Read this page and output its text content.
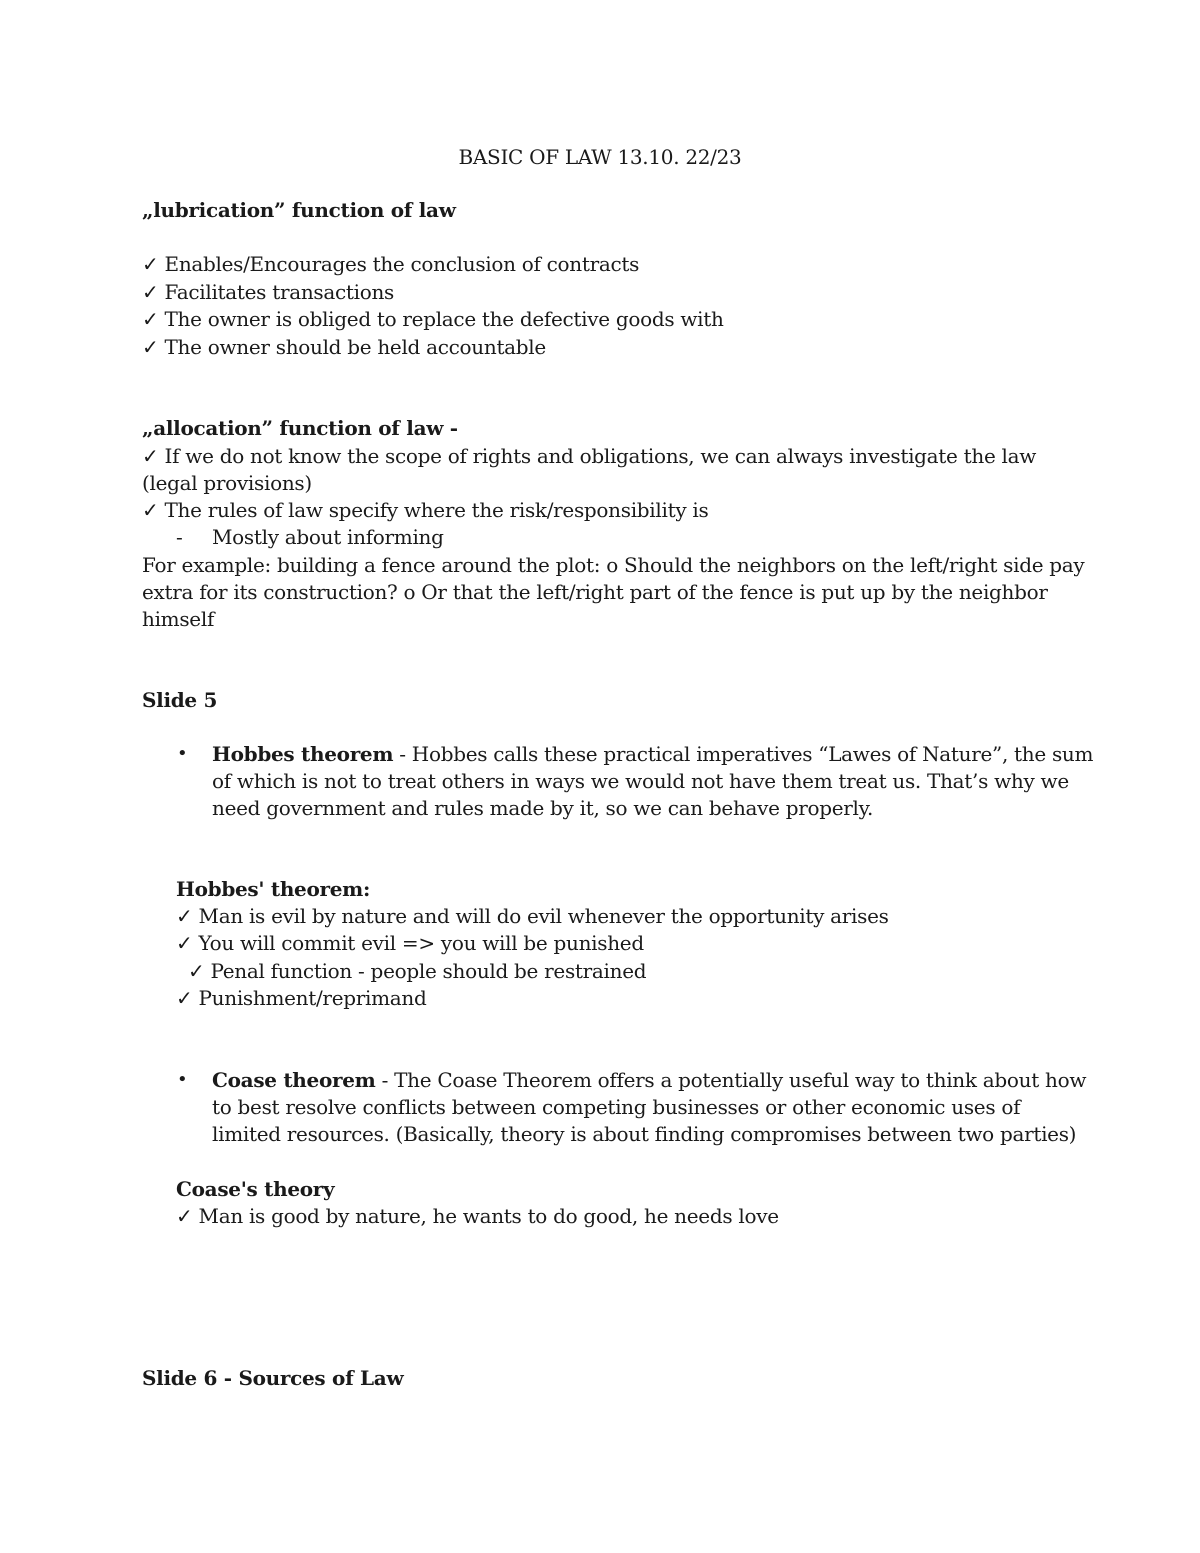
BASIC OF LAW 13.10. 22/23
„lubrication” function of law
✓ Enables/Encourages the conclusion of contracts
✓ Facilitates transactions
✓ The owner is obliged to replace the defective goods with
✓ The owner should be held accountable
„allocation” function of law -
✓ If we do not know the scope of rights and obligations, we can always investigate the law
(legal provisions)
✓ The rules of law specify where the risk/responsibility is
- Mostly about informing
For example: building a fence around the plot: o Should the neighbors on the left/right side pay
extra for its construction? o Or that the left/right part of the fence is put up by the neighbor
himself
Slide 5
• Hobbes theorem - Hobbes calls these practical imperatives “Lawes of Nature”, the sum
of which is not to treat others in ways we would not have them treat us. That’s why we
need government and rules made by it, so we can behave properly.
Hobbes' theorem:
✓ Man is evil by nature and will do evil whenever the opportunity arises
✓ You will commit evil => you will be punished
✓ Penal function - people should be restrained
✓ Punishment/reprimand
• Coase theorem - The Coase Theorem offers a potentially useful way to think about how
to best resolve conflicts between competing businesses or other economic uses of
limited resources. (Basically, theory is about finding compromises between two parties)
Coase's theory
✓ Man is good by nature, he wants to do good, he needs love
Slide 6 - Sources of Law
